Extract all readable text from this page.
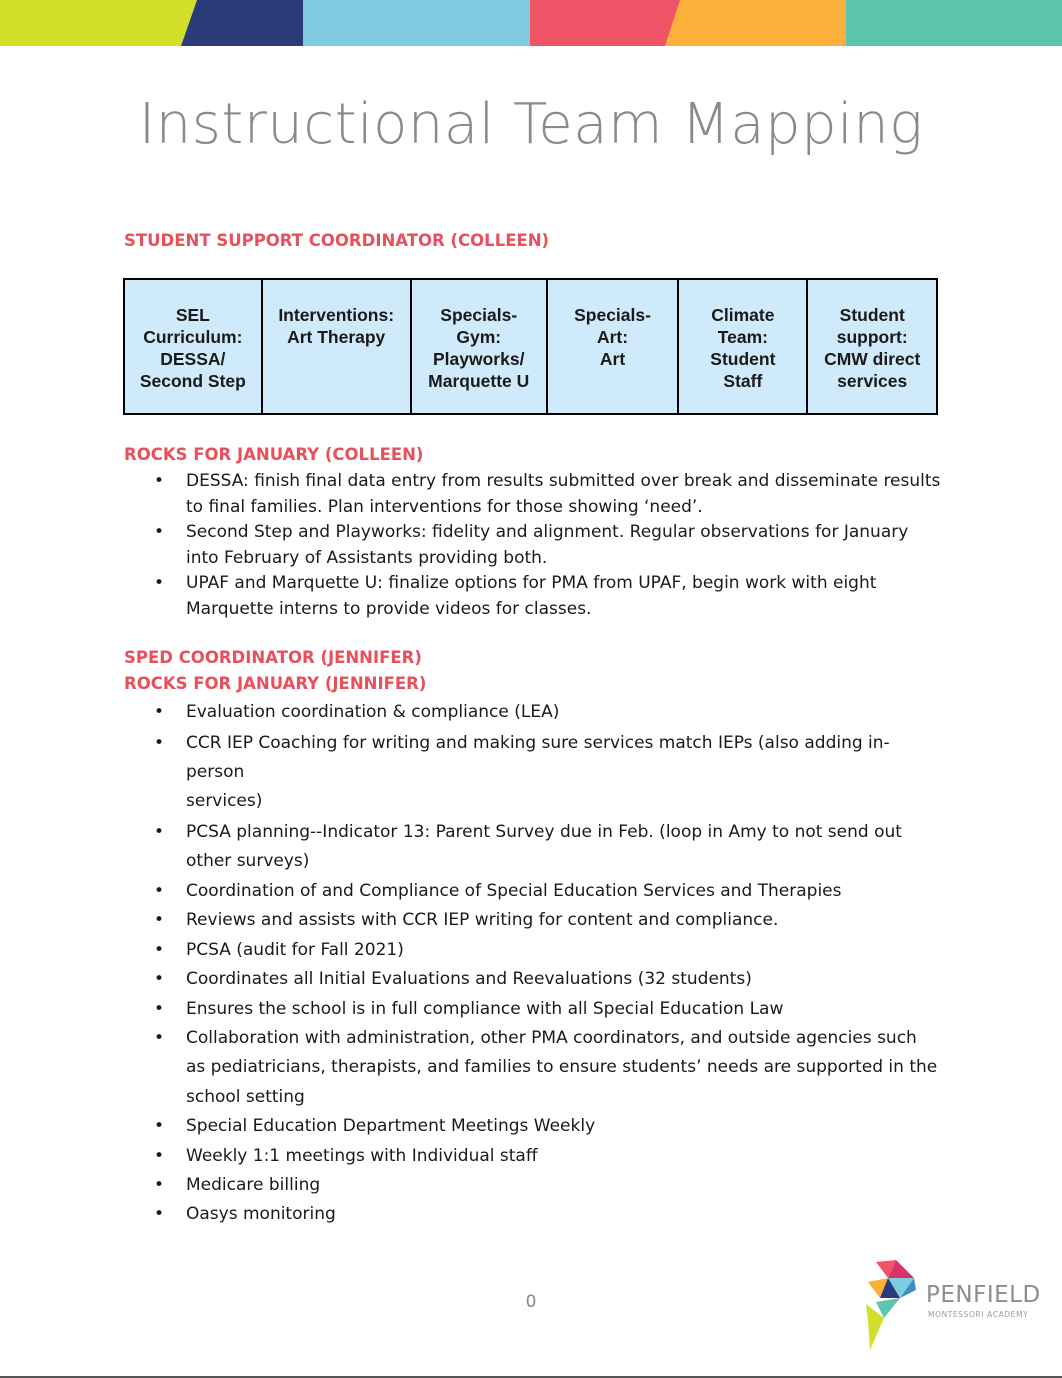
Instructional Team Mapping
STUDENT SUPPORT COORDINATOR (COLLEEN)
SEL
Curriculum:
DESSA/
Second Step

Interventions:
Art Therapy

Specials-
Gym:
Playworks/
Marquette U

Specials-
Art:
Art

Climate
Team:
Student
Staff

Student
support:
CMW direct
services
ROCKS FOR JANUARY (COLLEEN)
• DESSA: finish final data entry from results submitted over break and disseminate results
to final families. Plan interventions for those showing ‘need’.
• Second Step and Playworks: fidelity and alignment. Regular observations for January
into February of Assistants providing both.
• UPAF and Marquette U: finalize options for PMA from UPAF, begin work with eight
Marquette interns to provide videos for classes.
SPED COORDINATOR (JENNIFER)
ROCKS FOR JANUARY (JENNIFER)
• Evaluation coordination & compliance (LEA)
• CCR IEP Coaching for writing and making sure services match IEPs (also adding in-person
services)
• PCSA planning--Indicator 13: Parent Survey due in Feb. (loop in Amy to not send out
other surveys)
• Coordination of and Compliance of Special Education Services and Therapies
• Reviews and assists with CCR IEP writing for content and compliance.
• PCSA (audit for Fall 2021)
• Coordinates all Initial Evaluations and Reevaluations (32 students)
• Ensures the school is in full compliance with all Special Education Law
• Collaboration with administration, other PMA coordinators, and outside agencies such
as pediatricians, therapists, and families to ensure students’ needs are supported in the
school setting
• Special Education Department Meetings Weekly
• Weekly 1:1 meetings with Individual staff
• Medicare billing
• Oasys monitoring
0	PENFIELD
MONTESSORI ACADEMY
